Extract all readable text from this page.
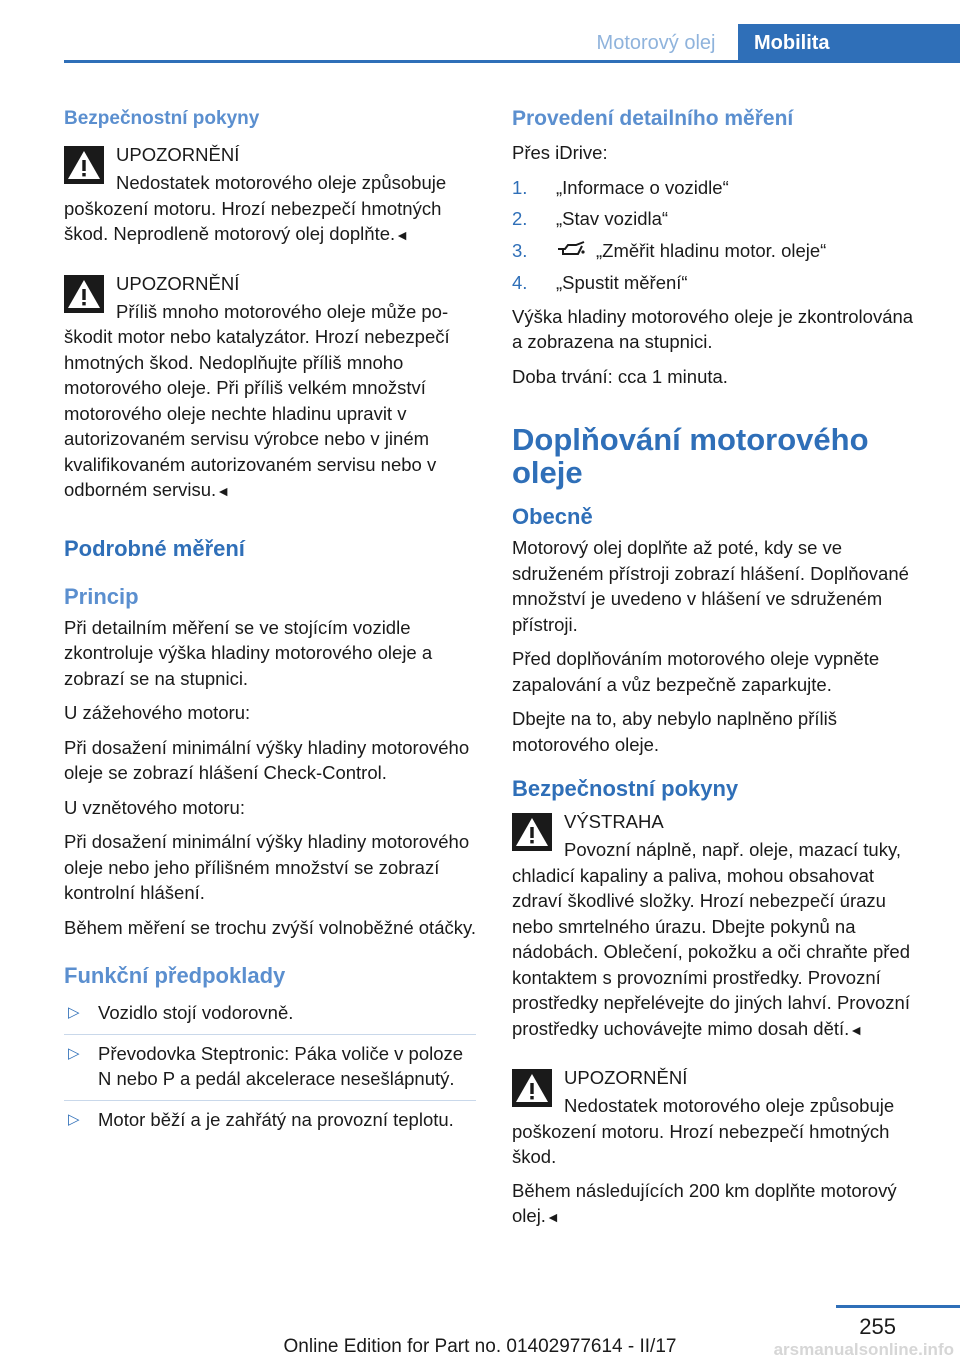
Motorový olej	Mobilita
Bezpečnostní pokyny
UPOZORNĚNÍ

Nedostatek motorového oleje způsobuje
poškození motoru. Hrozí nebezpečí hmotných škod. Neprodleně motorový olej doplňte.◄

UPOZORNĚNÍ

Příliš mnoho motorového oleje může po-
škodit motor nebo katalyzátor. Hrozí nebezpečí hmotných škod. Nedoplňujte příliš mnoho motorového oleje. Při příliš velkém množství motorového oleje nechte hladinu upravit v autorizovaném servisu výrobce nebo v jiném kvalifikovaném autorizovaném servisu nebo v odborném servisu.◄

Podrobné měření
Princip

Při detailním měření se ve stojícím vozidle zkontroluje výška hladiny motorového oleje a zobrazí se na stupnici.

U zážehového motoru:

Při dosažení minimální výšky hladiny motorového oleje se zobrazí hlášení Check-Control.

U vznětového motoru:

Při dosažení minimální výšky hladiny motorového oleje nebo jeho přílišném množství se zobrazí kontrolní hlášení.

Během měření se trochu zvýší volnoběžné otáčky.

Funkční předpoklady
▷ Vozidlo stojí vodorovně.
▷ Převodovka Steptronic: Páka voliče v poloze N nebo P a pedál akcelerace nesešlápnutý.
▷ Motor běží a je zahřátý na provozní teplotu.
Provedení detailního měření

Přes iDrive:

1. „Informace o vozidle“
2. „Stav vozidla“
3.	„Změřit hladinu motor. oleje“
4. „Spustit měření“

Výška hladiny motorového oleje je zkontrolována a zobrazena na stupnici.

Doba trvání: cca 1 minuta.

Doplňování motorového oleje
Obecně

Motorový olej doplňte až poté, kdy se ve sdruženém přístroji zobrazí hlášení. Doplňované množství je uvedeno v hlášení ve sdruženém přístroji.

Před doplňováním motorového oleje vypněte zapalování a vůz bezpečně zaparkujte.

Dbejte na to, aby nebylo naplněno příliš motorového oleje.

Bezpečnostní pokyny
VÝSTRAHA

Povozní náplně, např. oleje, mazací tuky,
chladicí kapaliny a paliva, mohou obsahovat zdraví škodlivé složky. Hrozí nebezpečí úrazu nebo smrtelného úrazu. Dbejte pokynů na nádobách. Oblečení, pokožku a oči chraňte před kontaktem s provozními prostředky. Provozní prostředky nepřelévejte do jiných lahví. Provozní prostředky uchovávejte mimo dosah dětí.◄

UPOZORNĚNÍ

Nedostatek motorového oleje způsobuje
poškození motoru. Hrozí nebezpečí hmotných škod.

Během následujících 200 km doplňte motorový olej.◄

255
Online Edition for Part no. 01402977614 - II/17	arsmanualsonline.info
